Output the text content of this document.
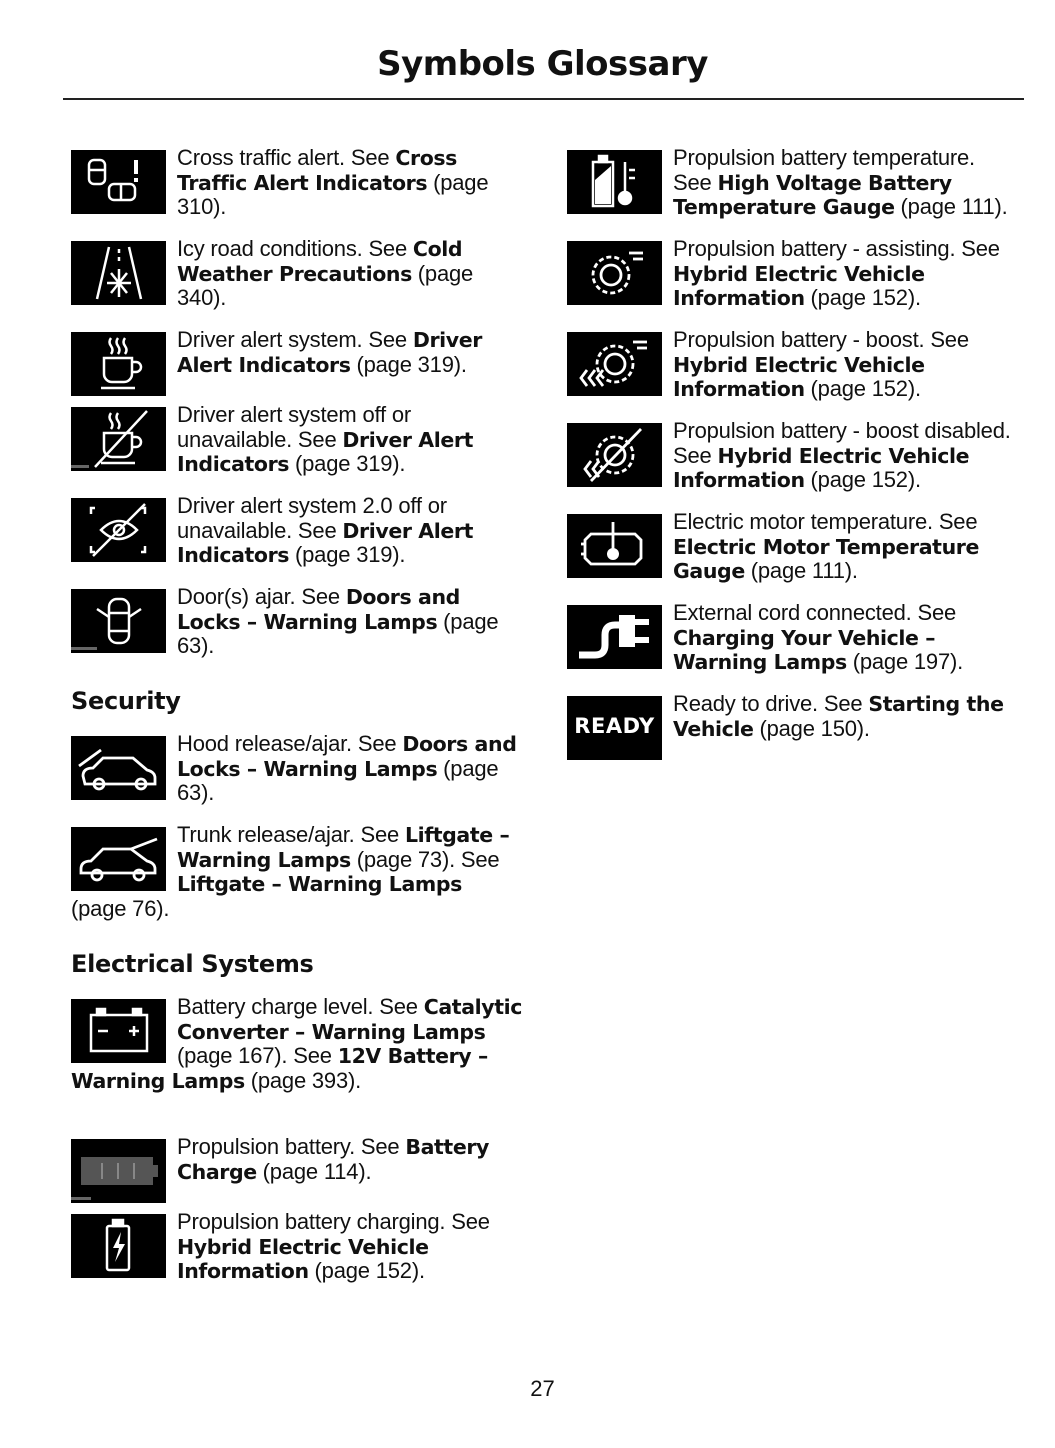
Symbols Glossary
Cross traffic alert. See Cross Traffic Alert Indicators (page 310).
Icy road conditions. See Cold Weather Precautions (page 340).
Driver alert system. See Driver Alert Indicators (page 319).
Driver alert system off or unavailable. See Driver Alert Indicators (page 319).
Driver alert system 2.0 off or unavailable. See Driver Alert Indicators (page 319).
Door(s) ajar. See Doors and Locks – Warning Lamps (page 63).
Security
Hood release/ajar. See Doors and Locks – Warning Lamps (page 63).
Trunk release/ajar. See Liftgate – Warning Lamps (page 73). See Liftgate – Warning Lamps (page 76).
Electrical Systems
Battery charge level. See Catalytic Converter – Warning Lamps (page 167). See 12V Battery – Warning Lamps (page 393).
Propulsion battery. See Battery Charge (page 114).
Propulsion battery charging. See Hybrid Electric Vehicle Information (page 152).
Propulsion battery temperature. See High Voltage Battery Temperature Gauge (page 111).
Propulsion battery - assisting. See Hybrid Electric Vehicle Information (page 152).
Propulsion battery - boost. See Hybrid Electric Vehicle Information (page 152).
Propulsion battery - boost disabled. See Hybrid Electric Vehicle Information (page 152).
Electric motor temperature. See Electric Motor Temperature Gauge (page 111).
External cord connected. See Charging Your Vehicle – Warning Lamps (page 197).
READY
Ready to drive. See Starting the Vehicle (page 150).
27
